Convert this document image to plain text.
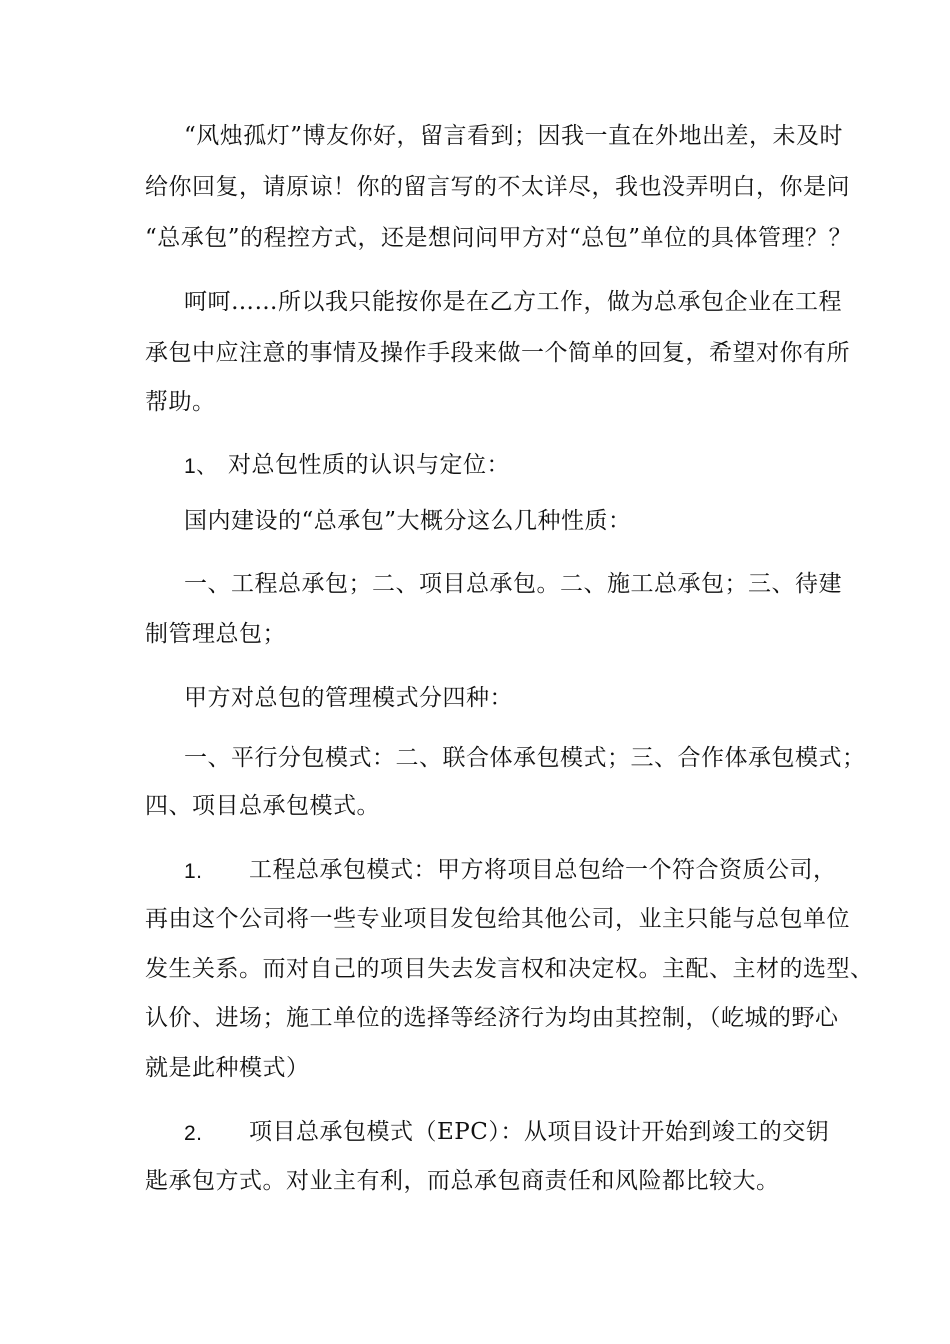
“风烛孤灯”博友你好，留言看到；因我一直在外地出差，未及时
给你回复，请原谅！你的留言写的不太详尽，我也没弄明白，你是问
“总承包”的程控方式，还是想问问甲方对“总包”单位的具体管理？？
呵呵……所以我只能按你是在乙方工作，做为总承包企业在工程
承包中应注意的事情及操作手段来做一个简单的回复，希望对你有所
帮助。
1、 对总包性质的认识与定位：
国内建设的“总承包”大概分这么几种性质：
一、工程总承包；二、项目总承包。二、施工总承包；三、待建
制管理总包；
甲方对总包的管理模式分四种：
一、平行分包模式：二、联合体承包模式；三、合作体承包模式；
四、项目总承包模式。
1. 工程总承包模式：甲方将项目总包给一个符合资质公司，
再由这个公司将一些专业项目发包给其他公司，业主只能与总包单位
发生关系。而对自己的项目失去发言权和决定权。主配、主材的选型、
认价、进场；施工单位的选择等经济行为均由其控制，（屹城的野心
就是此种模式）
2. 项目总承包模式（EPC）：从项目设计开始到竣工的交钥
匙承包方式。对业主有利，而总承包商责任和风险都比较大。
